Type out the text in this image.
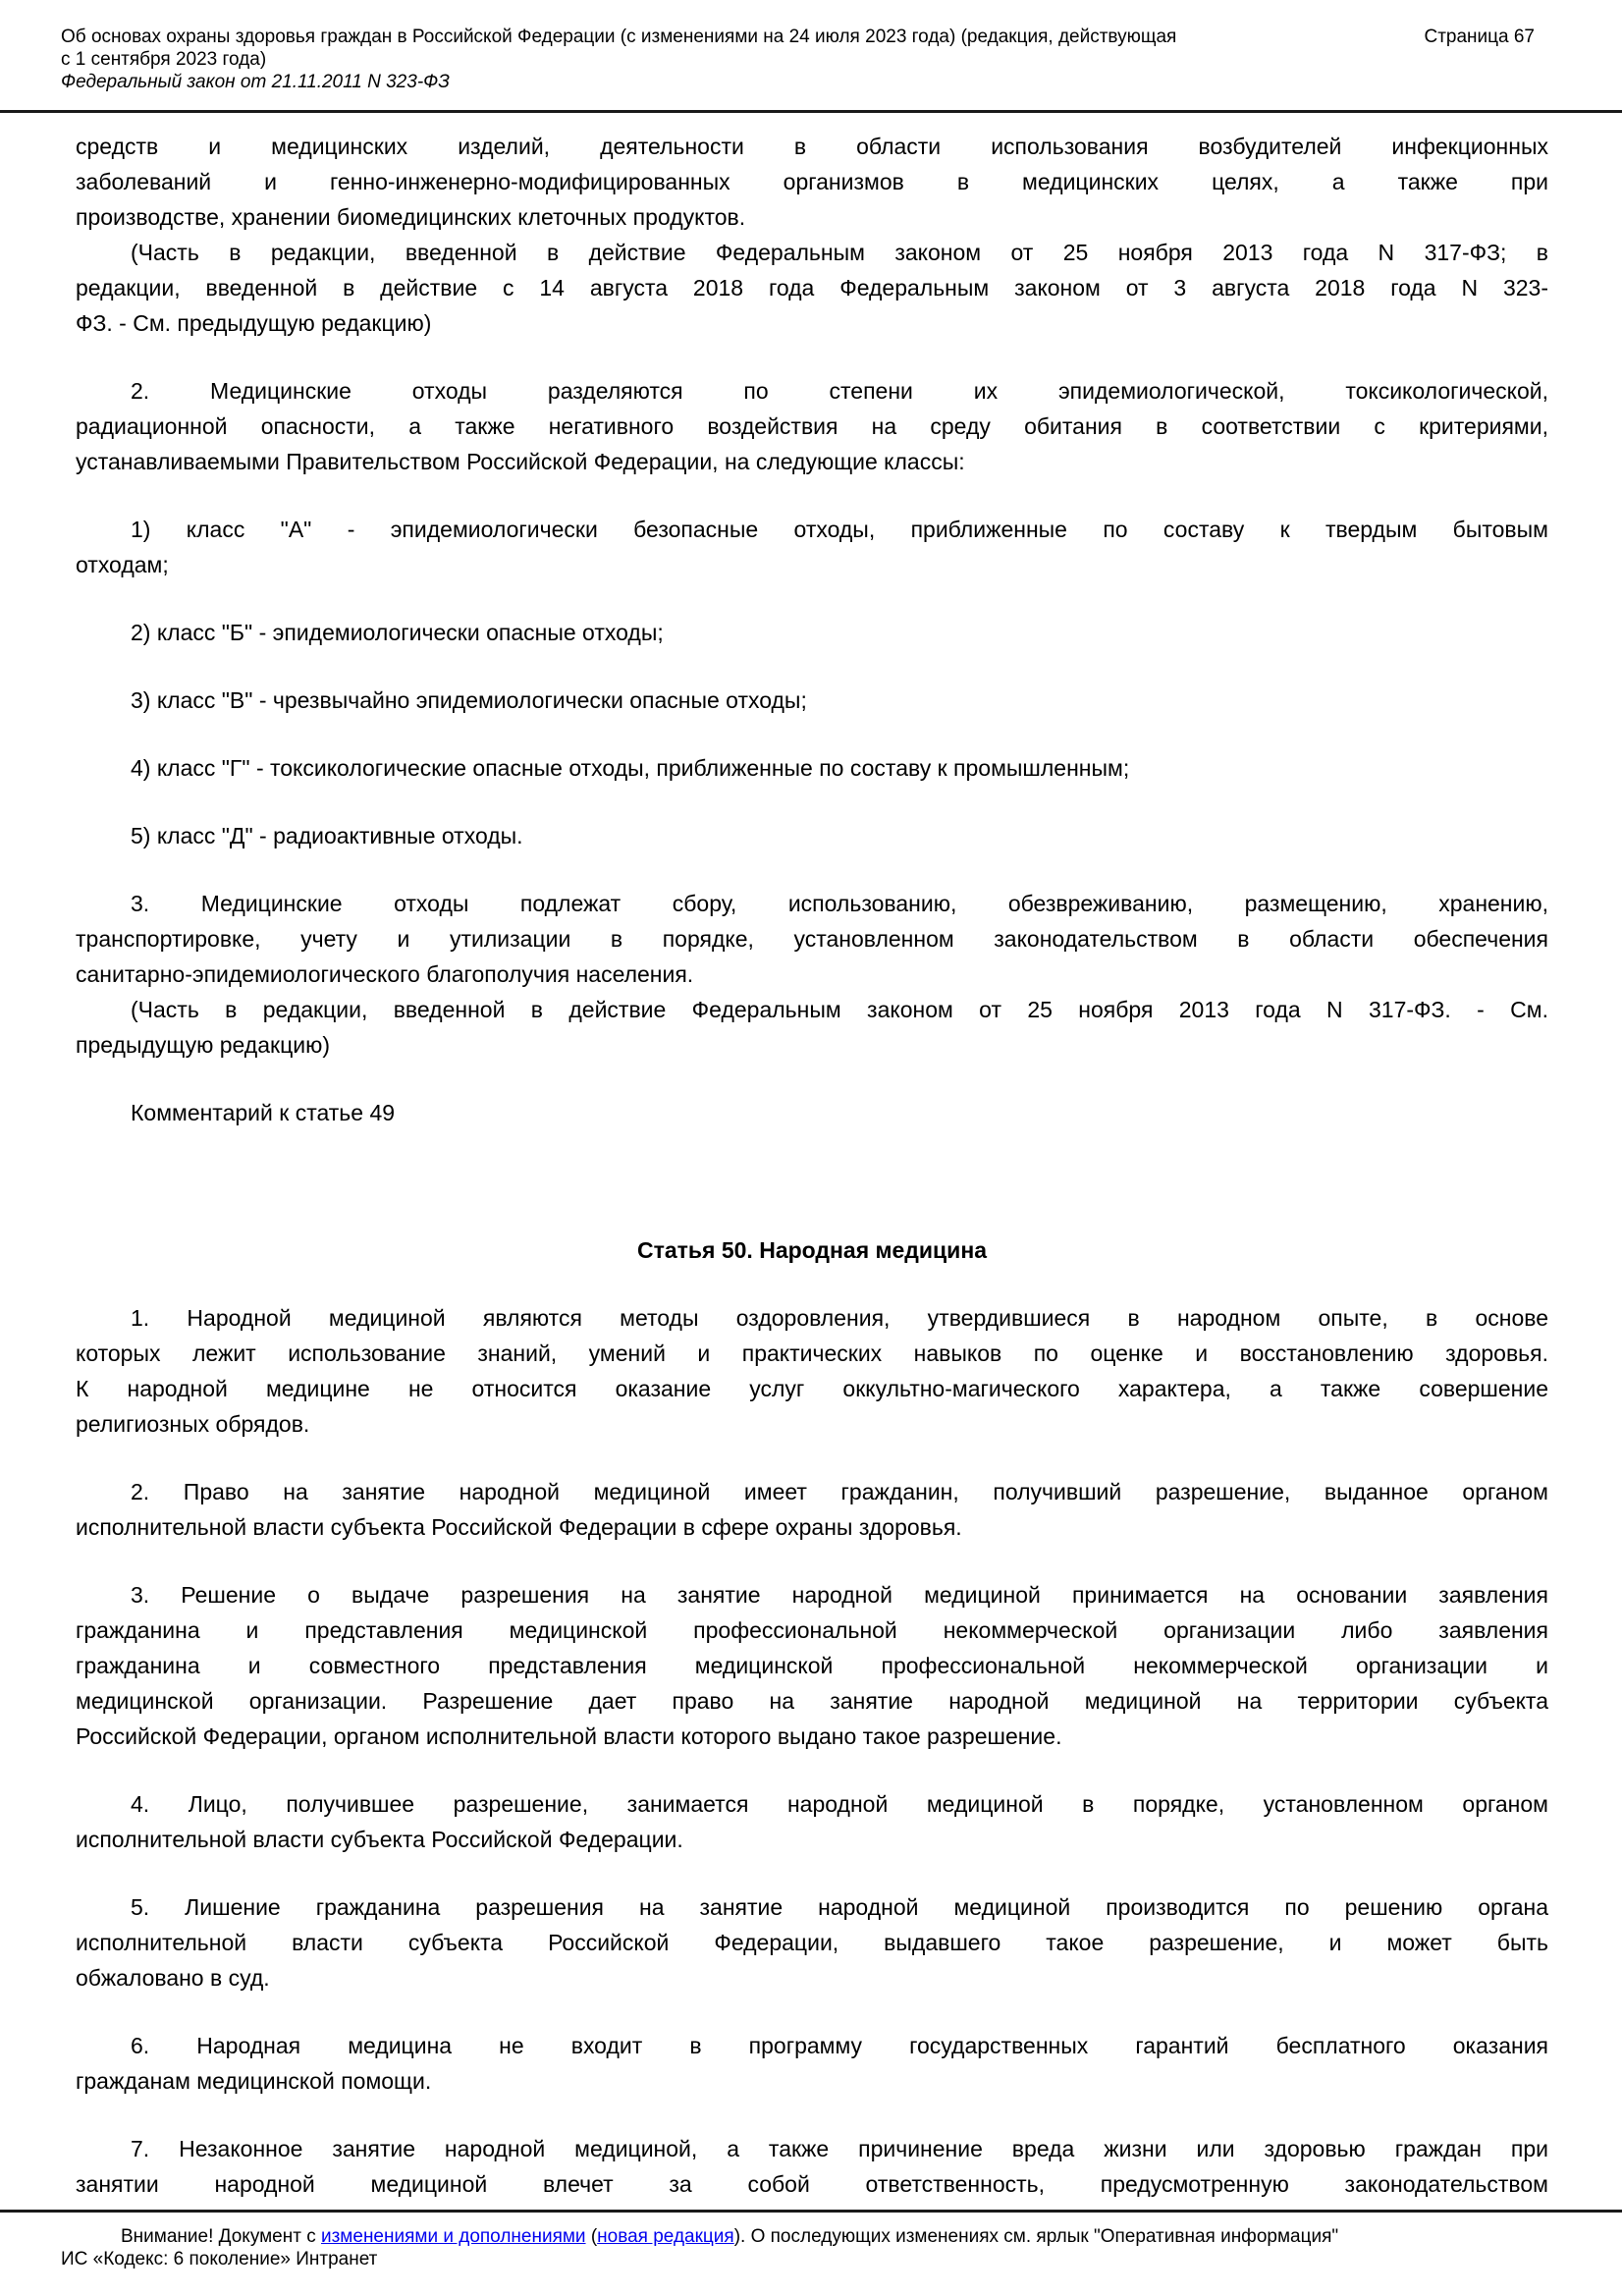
Об основах охраны здоровья граждан в Российской Федерации (с изменениями на 24 июля 2023 года) (редакция, действующая
с 1 сентября 2023 года)
Страница 67
Федеральный закон от 21.11.2011 N 323-ФЗ
средств и медицинских изделий, деятельности в области использования возбудителей инфекционных
заболеваний и генно-инженерно-модифицированных организмов в медицинских целях, а также при
производстве, хранении биомедицинских клеточных продуктов.
(Часть в редакции, введенной в действие Федеральным законом от 25 ноября 2013 года N 317-ФЗ; в
редакции, введенной в действие с 14 августа 2018 года Федеральным законом от 3 августа 2018 года N 323-
ФЗ. - См. предыдущую редакцию)
2. Медицинские отходы разделяются по степени их эпидемиологической, токсикологической,
радиационной опасности, а также негативного воздействия на среду обитания в соответствии с критериями,
устанавливаемыми Правительством Российской Федерации, на следующие классы:
1) класс "А" - эпидемиологически безопасные отходы, приближенные по составу к твердым бытовым
отходам;
2) класс "Б" - эпидемиологически опасные отходы;
3) класс "В" - чрезвычайно эпидемиологически опасные отходы;
4) класс "Г" - токсикологические опасные отходы, приближенные по составу к промышленным;
5) класс "Д" - радиоактивные отходы.
3. Медицинские отходы подлежат сбору, использованию, обезвреживанию, размещению, хранению,
транспортировке, учету и утилизации в порядке, установленном законодательством в области обеспечения
санитарно-эпидемиологического благополучия населения.
(Часть в редакции, введенной в действие Федеральным законом от 25 ноября 2013 года N 317-ФЗ. - См.
предыдущую редакцию)
Комментарий к статье 49
Статья 50. Народная медицина
1. Народной медициной являются методы оздоровления, утвердившиеся в народном опыте, в основе
которых лежит использование знаний, умений и практических навыков по оценке и восстановлению здоровья.
К народной медицине не относится оказание услуг оккультно-магического характера, а также совершение
религиозных обрядов.
2. Право на занятие народной медициной имеет гражданин, получивший разрешение, выданное органом
исполнительной власти субъекта Российской Федерации в сфере охраны здоровья.
3. Решение о выдаче разрешения на занятие народной медициной принимается на основании заявления
гражданина и представления медицинской профессиональной некоммерческой организации либо заявления
гражданина и совместного представления медицинской профессиональной некоммерческой организации и
медицинской организации. Разрешение дает право на занятие народной медициной на территории субъекта
Российской Федерации, органом исполнительной власти которого выдано такое разрешение.
4. Лицо, получившее разрешение, занимается народной медициной в порядке, установленном органом
исполнительной власти субъекта Российской Федерации.
5. Лишение гражданина разрешения на занятие народной медициной производится по решению органа
исполнительной власти субъекта Российской Федерации, выдавшего такое разрешение, и может быть
обжаловано в суд.
6. Народная медицина не входит в программу государственных гарантий бесплатного оказания
гражданам медицинской помощи.
7. Незаконное занятие народной медициной, а также причинение вреда жизни или здоровью граждан при
занятии народной медициной влечет за собой ответственность, предусмотренную законодательством
Внимание! Документ с изменениями и дополнениями (новая редакция). О последующих изменениях см. ярлык "Оперативная информация"
ИС «Кодекс: 6 поколение» Интранет
